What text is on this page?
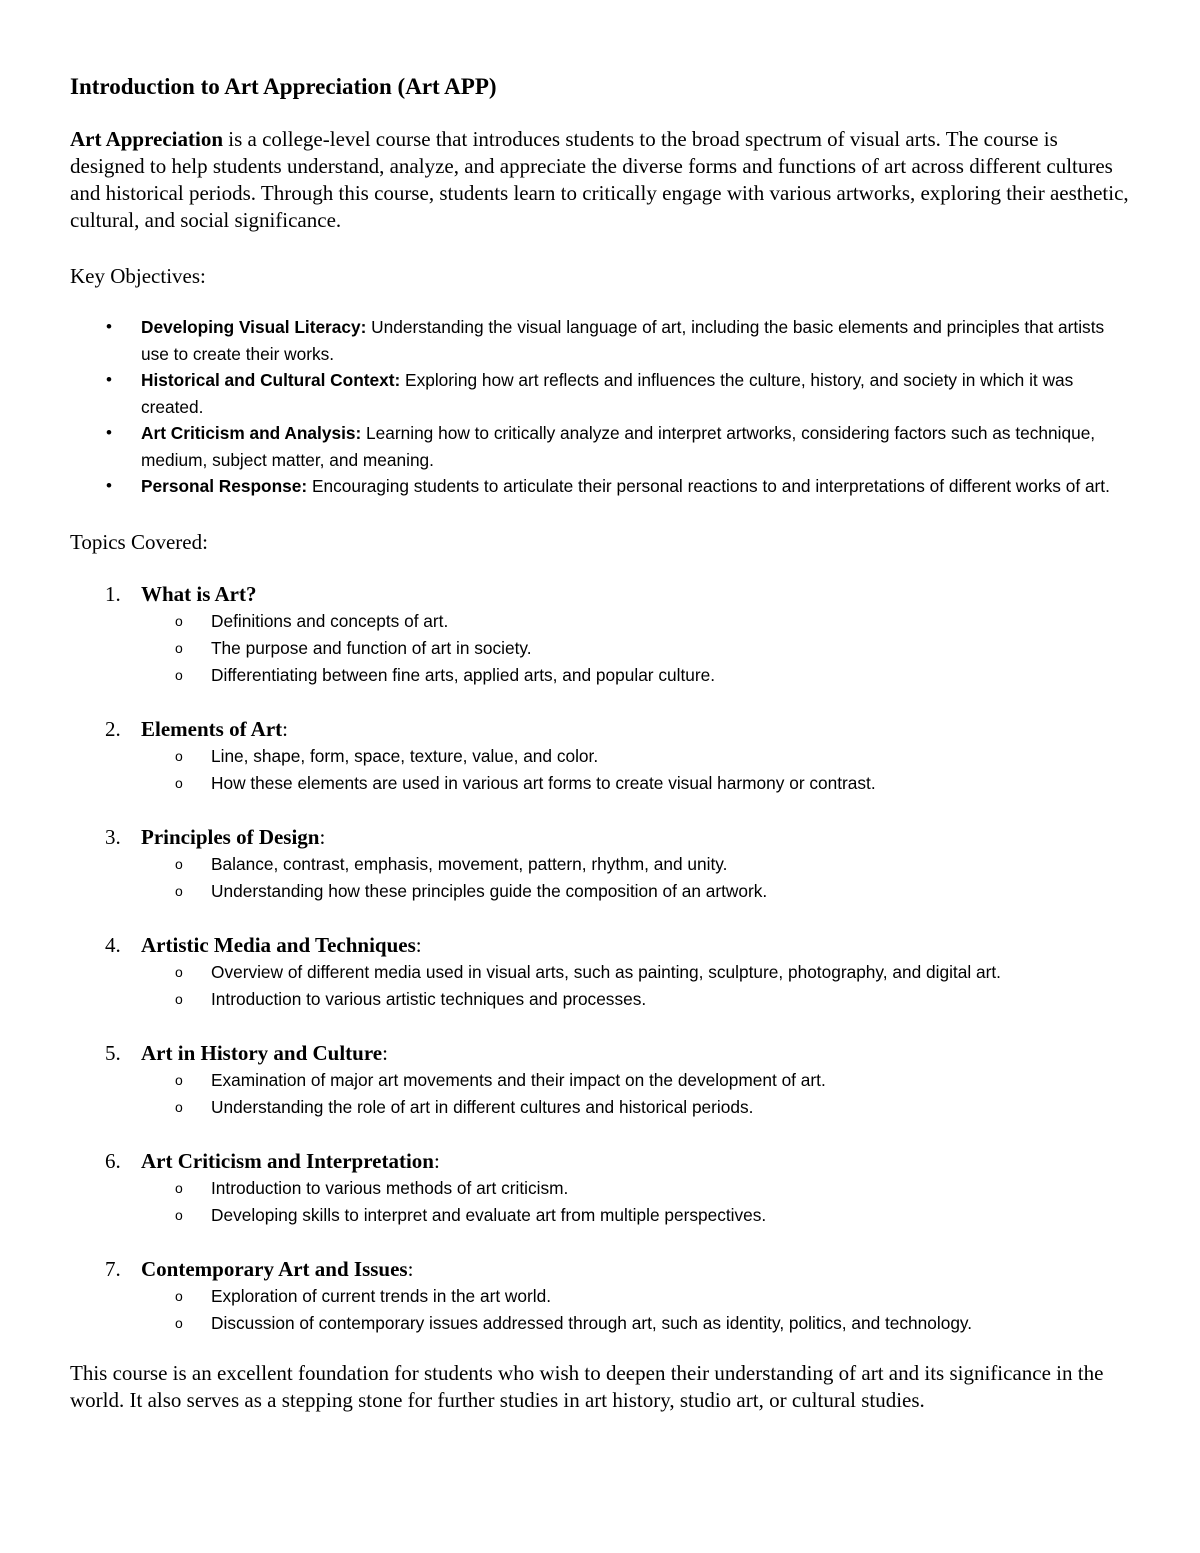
Introduction to Art Appreciation (Art APP)

Art Appreciation is a college-level course that introduces students to the broad spectrum of visual arts. The course is designed to help students understand, analyze, and appreciate the diverse forms and functions of art across different cultures and historical periods. Through this course, students learn to critically engage with various artworks, exploring their aesthetic, cultural, and social significance.

Key Objectives:
• Developing Visual Literacy: Understanding the visual language of art, including the basic elements and principles that artists use to create their works.
• Historical and Cultural Context: Exploring how art reflects and influences the culture, history, and society in which it was created.
• Art Criticism and Analysis: Learning how to critically analyze and interpret artworks, considering factors such as technique, medium, subject matter, and meaning.
• Personal Response: Encouraging students to articulate their personal reactions to and interpretations of different works of art.
Topics Covered:
1. What is Art?
o Definitions and concepts of art.
o The purpose and function of art in society.
o Differentiating between fine arts, applied arts, and popular culture.
2. Elements of Art:
o Line, shape, form, space, texture, value, and color.
o How these elements are used in various art forms to create visual harmony or contrast.
3. Principles of Design:
o Balance, contrast, emphasis, movement, pattern, rhythm, and unity.
o Understanding how these principles guide the composition of an artwork.
4. Artistic Media and Techniques:
o Overview of different media used in visual arts, such as painting, sculpture, photography, and digital art.
o Introduction to various artistic techniques and processes.
5. Art in History and Culture:
o Examination of major art movements and their impact on the development of art.
o Understanding the role of art in different cultures and historical periods.
6. Art Criticism and Interpretation:
o Introduction to various methods of art criticism.
o Developing skills to interpret and evaluate art from multiple perspectives.
7. Contemporary Art and Issues:
o Exploration of current trends in the art world.
o Discussion of contemporary issues addressed through art, such as identity, politics, and technology.

This course is an excellent foundation for students who wish to deepen their understanding of art and its significance in the world. It also serves as a stepping stone for further studies in art history, studio art, or cultural studies.
